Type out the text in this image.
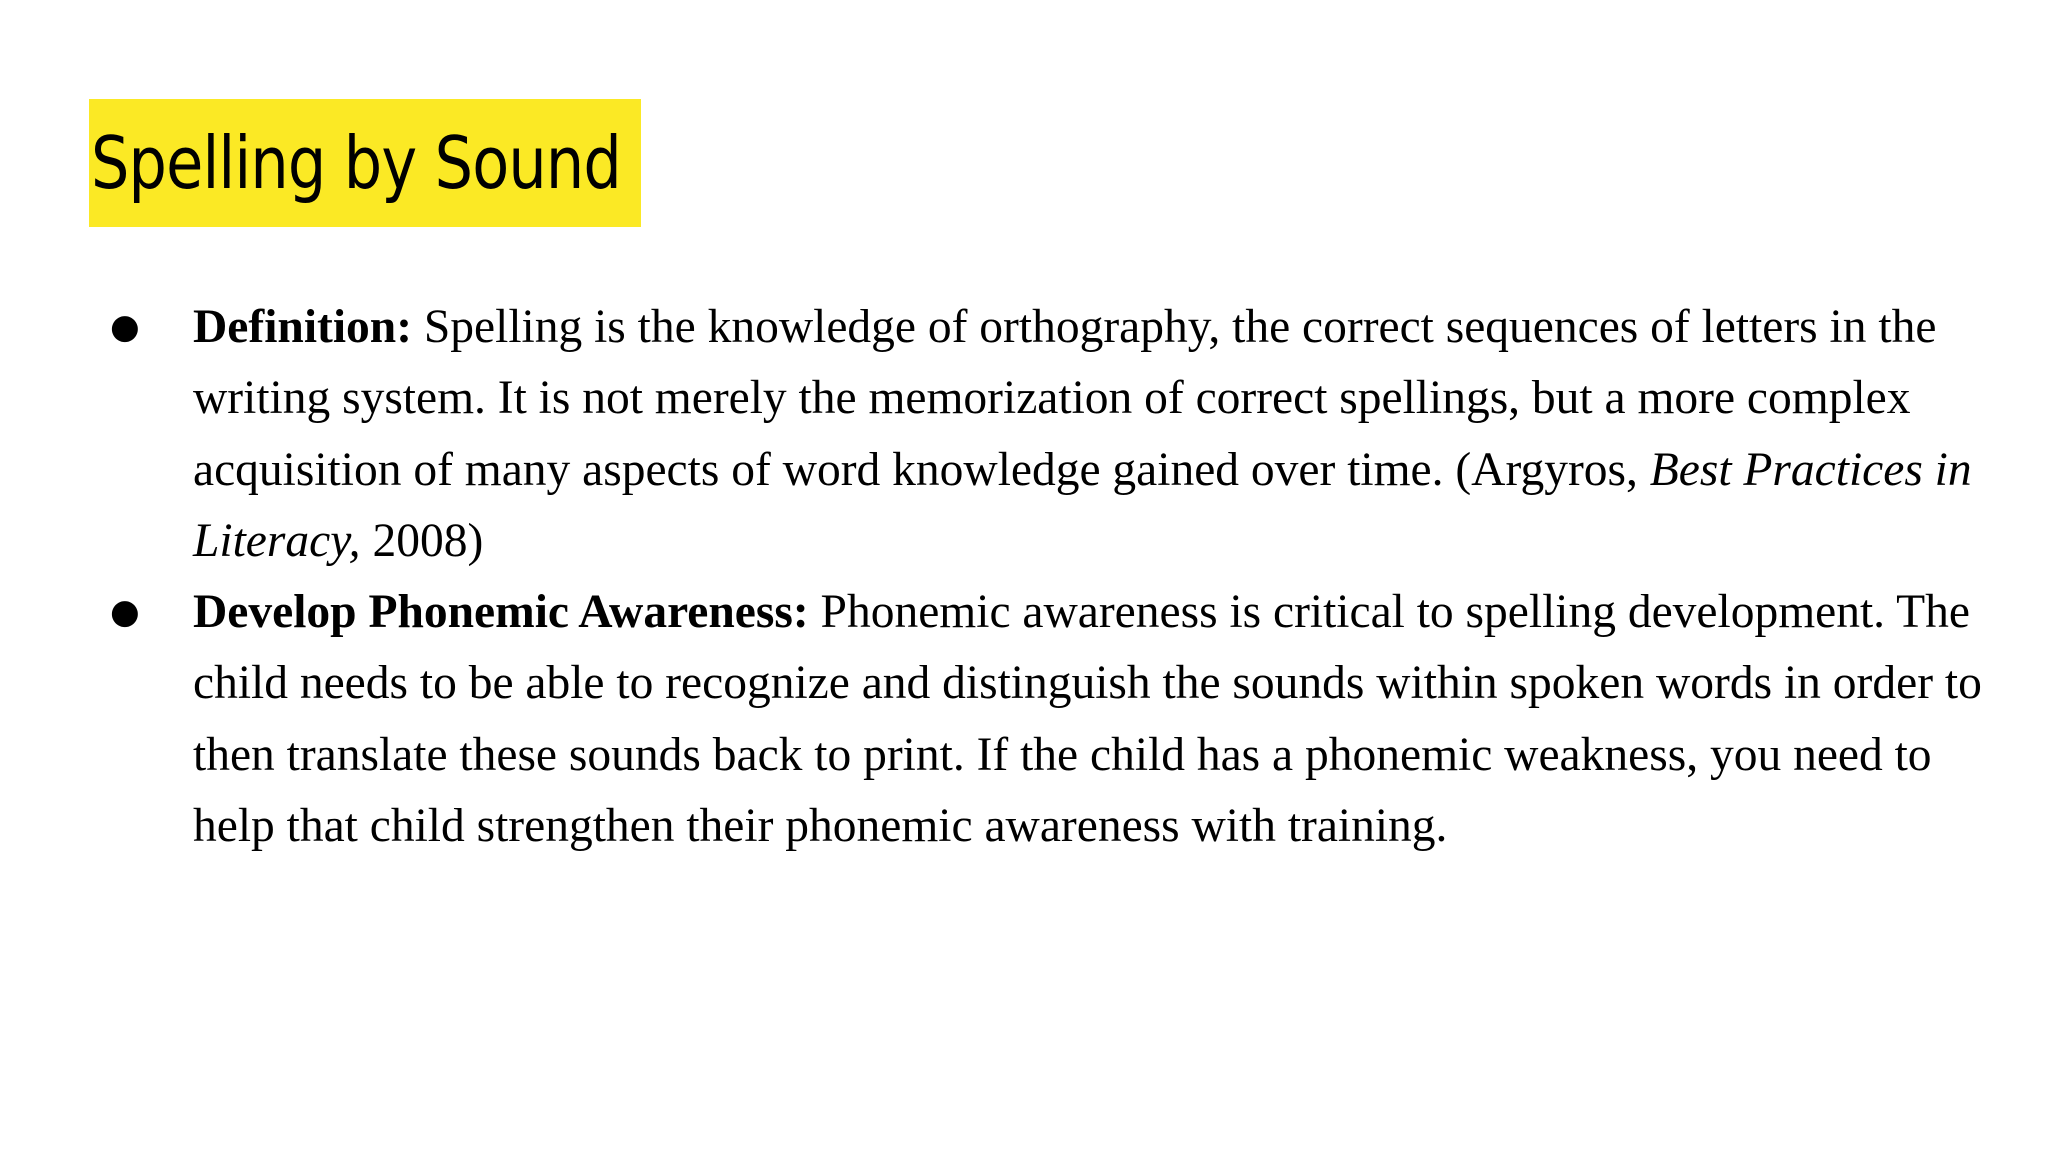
Spelling by Sound
● Definition: Spelling is the knowledge of orthography, the correct sequences of letters in the writing system. It is not merely the memorization of correct spellings, but a more complex acquisition of many aspects of word knowledge gained over time. (Argyros, Best Practices in Literacy, 2008)
● Develop Phonemic Awareness: Phonemic awareness is critical to spelling development. The child needs to be able to recognize and distinguish the sounds within spoken words in order to then translate these sounds back to print. If the child has a phonemic weakness, you need to help that child strengthen their phonemic awareness with training.
